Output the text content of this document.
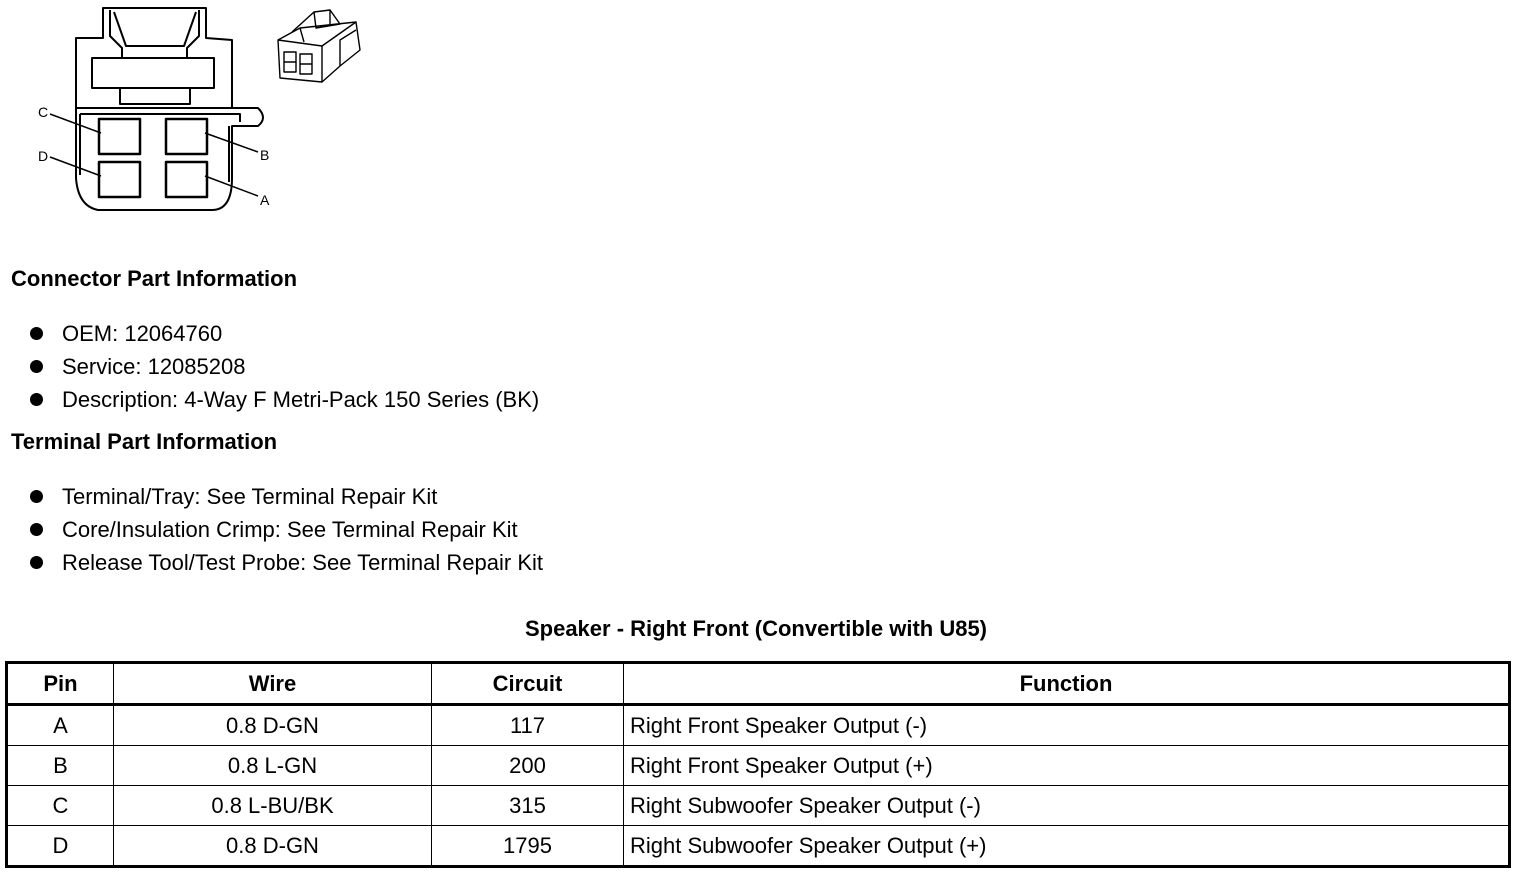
C
B
D
A
Connector Part Information
OEM: 12064760
Service: 12085208
Description: 4-Way F Metri-Pack 150 Series (BK)
Terminal Part Information
Terminal/Tray: See Terminal Repair Kit
Core/Insulation Crimp: See Terminal Repair Kit
Release Tool/Test Probe: See Terminal Repair Kit
Speaker - Right Front (Convertible with U85)
Pin	Wire	Circuit	Function
A	0.8 D-GN	117	Right Front Speaker Output (-)
B	0.8 L-GN	200	Right Front Speaker Output (+)
C	0.8 L-BU/BK	315	Right Subwoofer Speaker Output (-)
D	0.8 D-GN	1795	Right Subwoofer Speaker Output (+)
